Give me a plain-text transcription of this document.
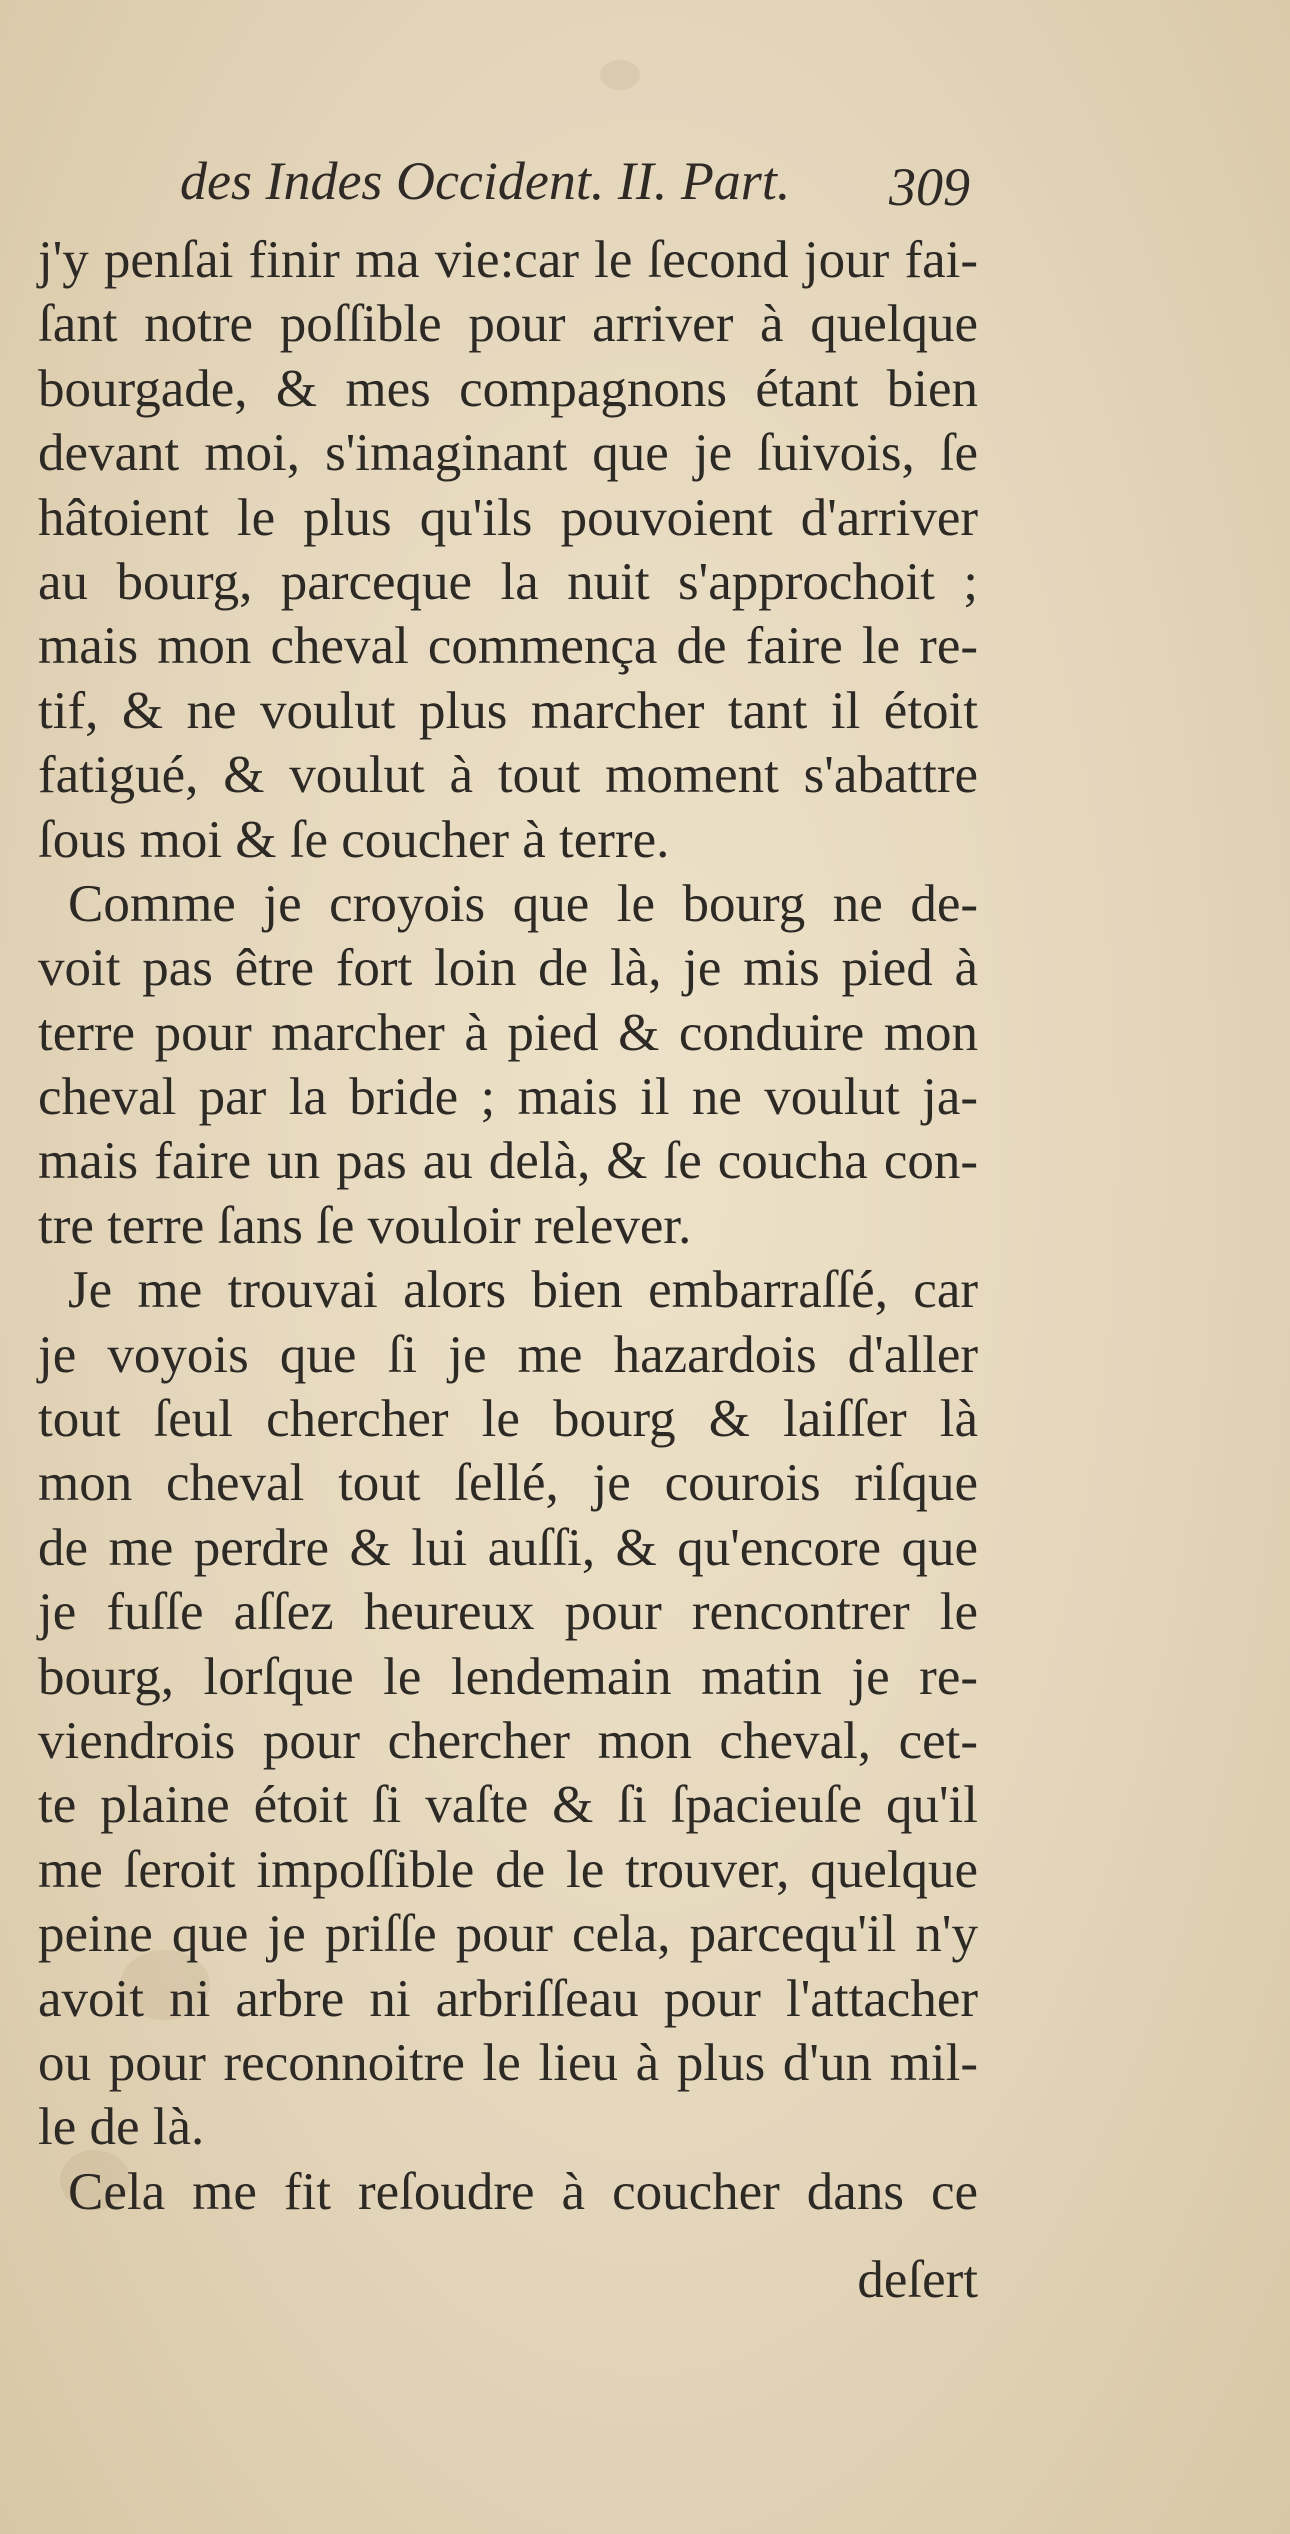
des Indes Occident. II. Part. 309
j'y penſai finir ma vie:car le ſecond jour fai-
ſant notre poſſible pour arriver à quelque
bourgade, & mes compagnons étant bien
devant moi, s'imaginant que je ſuivois, ſe
hâtoient le plus qu'ils pouvoient d'arriver
au bourg, parceque la nuit s'approchoit ;
mais mon cheval commença de faire le re-
tif, & ne voulut plus marcher tant il étoit
fatigué, & voulut à tout moment s'abattre
ſous moi & ſe coucher à terre.
Comme je croyois que le bourg ne de-
voit pas être fort loin de là, je mis pied à
terre pour marcher à pied & conduire mon
cheval par la bride ; mais il ne voulut ja-
mais faire un pas au delà, & ſe coucha con-
tre terre ſans ſe vouloir relever.
Je me trouvai alors bien embarraſſé, car
je voyois que ſi je me hazardois d'aller
tout ſeul chercher le bourg & laiſſer là
mon cheval tout ſellé, je courois riſque
de me perdre & lui auſſi, & qu'encore que
je fuſſe aſſez heureux pour rencontrer le
bourg, lorſque le lendemain matin je re-
viendrois pour chercher mon cheval, cet-
te plaine étoit ſi vaſte & ſi ſpacieuſe qu'il
me ſeroit impoſſible de le trouver, quelque
peine que je priſſe pour cela, parcequ'il n'y
avoit ni arbre ni arbriſſeau pour l'attacher
ou pour reconnoitre le lieu à plus d'un mil-
le de là.
Cela me fit reſoudre à coucher dans ce
deſert
